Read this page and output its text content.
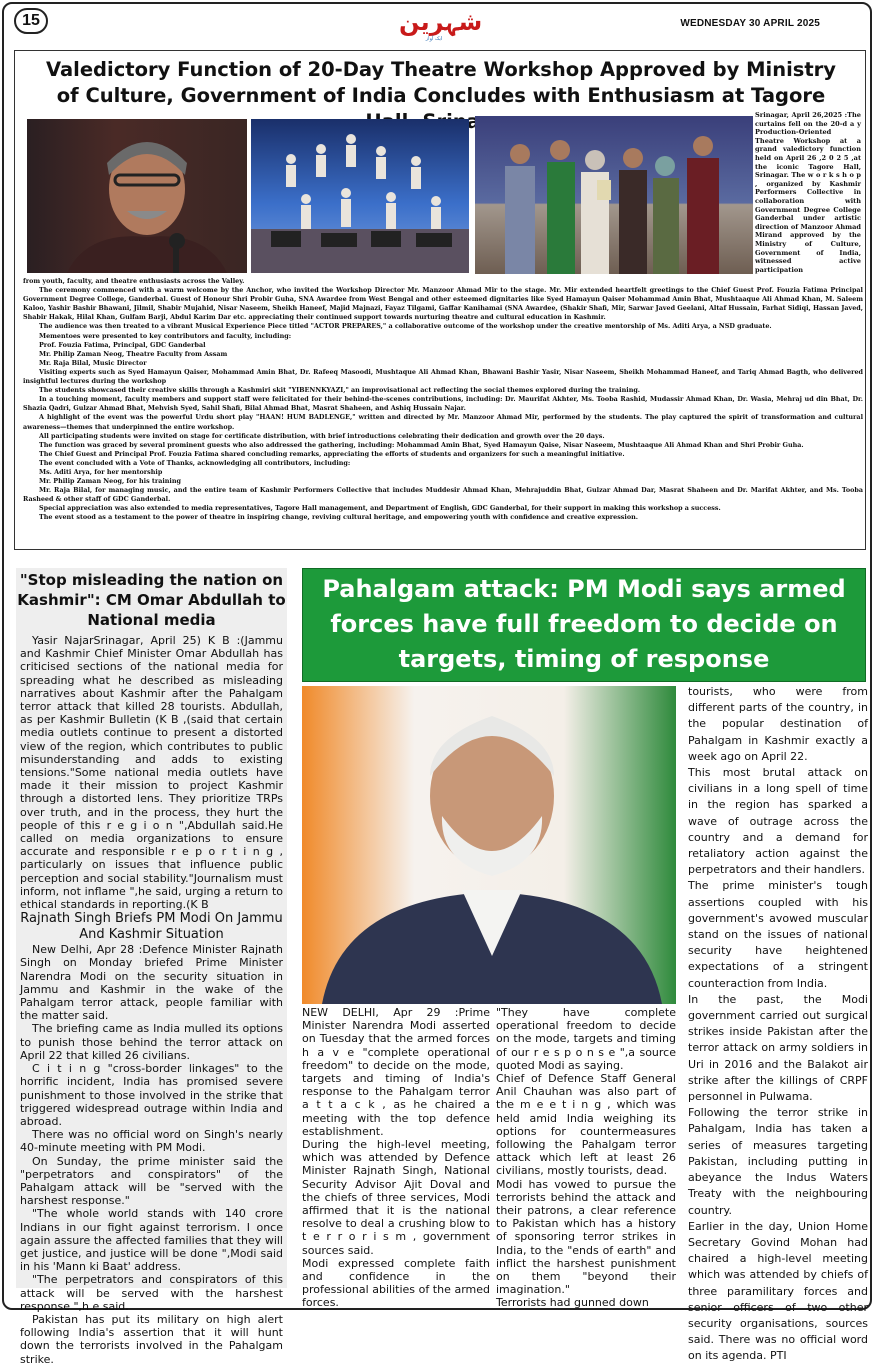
15	شہرین
ایک آواز
WEDNESDAY 30 APRIL 2025
Valedictory Function of 20-Day Theatre Workshop Approved by Ministry of Culture, Government of India Concludes with Enthusiasm at Tagore Srinagar	Srinagar, April 26,2025 :The curtains fell on the 20-d a y Production-Oriented Theatre Workshop at a grand valedictory function held on April 26 ,2 0 2 5 ,at the iconic Tagore Hall, Srinagar. The w o r k s h o p , organized by Kashmir Performers Collective in collaboration with Government Degree College Ganderbal under artistic direction of Manzoor Ahmad Mirand approved by the Ministry of Culture, Government of India, witnessed active participation

from youth, faculty, and theatre enthusiasts across the Valley.

The ceremony commenced with a warm welcome by the Anchor, who invited the Workshop Director Mr. Manzoor Ahmad Mir to the stage. Mr. Mir extended heartfelt greetings to the Chief Guest Prof. Fouzia Fatima Principal Government Degree College, Ganderbal. Guest of Honour Shri Probir Guha, SNA Awardee from West Bengal and other esteemed dignitaries like Syed Hamayun Qaiser Mohammad Amin Bhat, Mushtaaque Ali Ahmad Khan, M. Saleem Kaloo, Yashir Bashir Bhawani, Jilmil, Shabir Mujahid, Nisar Naseem, Sheikh Haneef, Majid Majnazi, Fayaz Tilgami, Gaffar Kanihamai (SNA Awardee, (Shakir Shafi, Mir, Sarwar Javed Geelani, Altaf Hussain, Farhat Sidiqi, Hassan Javed, Shabir Hakak, Hilal Khan, Gulfam Barji, Abdul Karim Dar etc. appreciating their continued support towards nurturing theatre and cultural education in Kashmir.

The audience was then treated to a vibrant Musical Experience Piece titled "ACTOR PREPARES," a collaborative outcome of the workshop under the creative mentorship of Ms. Aditi Arya, a NSD graduate.

Mementoes were presented to key contributors and faculty, including:

Prof. Fouzia Fatima, Principal, GDC Ganderbal

Mr. Philip Zaman Neog, Theatre Faculty from Assam

Mr. Raja Bilal, Music Director

Visiting experts such as Syed Hamayun Qaiser, Mohammad Amin Bhat, Dr. Rafeeq Masoodi, Mushtaque Ali Ahmad Khan, Bhawani Bashir Yasir, Nisar Naseem, Sheikh Mohammad Haneef, and Tariq Ahmad Bagth, who delivered insightful lectures during the workshop

The students showcased their creative skills through a Kashmiri skit "YIBENNKYAZI," an improvisational act reflecting the social themes explored during the training.

In a touching moment, faculty members and support staff were felicitated for their behind-the-scenes contributions, including: Dr. Maurifat Akhter, Ms. Tooba Rashid, Mudassir Ahmad Khan, Dr. Wasia, Mehraj ud din Bhat, Dr. Shazia Qadri, Gulzar Ahmad Bhat, Mehvish Syed, Sahil Shafi, Bilal Ahmad Bhat, Masrat Shaheen, and Ashiq Hussain Najar.

A highlight of the event was the powerful Urdu short play "HAAN! HUM BADLENGE," written and directed by Mr. Manzoor Ahmad Mir, performed by the students. The play captured the spirit of transformation and cultural awareness—themes that underpinned the entire workshop.

All participating students were invited on stage for certificate distribution, with brief introductions celebrating their dedication and growth over the 20 days.

The function was graced by several prominent guests who also addressed the gathering, including: Mohammad Amin Bhat, Syed Hamayun Qaise, Nisar Naseem, Mushtaaque Ali Ahmad Khan and Shri Probir Guha.

The Chief Guest and Principal Prof. Fouzia Fatima shared concluding remarks, appreciating the efforts of students and organizers for such a meaningful initiative.

The event concluded with a Vote of Thanks, acknowledging all contributors, including:

Ms. Aditi Arya, for her mentorship

Mr. Philip Zaman Neog, for his training

Mr. Raja Bilal, for managing music, and the entire team of Kashmir Performers Collective that includes Muddesir Ahmad Khan, Mehrajuddin Bhat, Gulzar Ahmad Dar, Masrat Shaheen and Dr. Marifat Akhter, and Ms. Tooba Rasheed & other staff of GDC Ganderbal.

Special appreciation was also extended to media representatives, Tagore Hall management, and Department of English, GDC Ganderbal, for their support in making this workshop a success.

The event stood as a testament to the power of theatre in inspiring change, reviving cultural heritage, and empowering youth with confidence and creative expression.

"Stop misleading the nation on Kashmir": CM Omar Abdullah to National media

Yasir NajarSrinagar, April 25) K B :(Jammu and Kashmir Chief Minister Omar Abdullah has criticised sections of the national media for spreading what he described as misleading narratives about Kashmir after the Pahalgam terror attack that killed 28 tourists. Abdullah, as per Kashmir Bulletin (K B ,(said that certain media outlets continue to present a distorted view of the region, which contributes to public misunderstanding and adds to existing tensions."Some national media outlets have made it their mission to project Kashmir through a distorted lens. They prioritize TRPs over truth, and in the process, they hurt the people of this r e g i o n ",Abdullah said.He called on media organizations to ensure accurate and responsible r e p o r t i n g , particularly on issues that influence public perception and social stability."Journalism must inform, not inflame ",he said, urging a return to ethical standards in reporting.(K B

Rajnath Singh Briefs PM Modi On Jammu And Kashmir Situation

New Delhi, Apr 28 :Defence Minister Rajnath Singh on Monday briefed Prime Minister Narendra Modi on the security situation in Jammu and Kashmir in the wake of the Pahalgam terror attack, people familiar with the matter said.

The briefing came as India mulled its options to punish those behind the terror attack on April 22 that killed 26 civilians.

C i t i n g "cross-border linkages" to the horrific incident, India has promised severe punishment to those involved in the strike that triggered widespread outrage within India and abroad.

There was no official word on Singh's nearly 40-minute meeting with PM Modi.

On Sunday, the prime minister said the "perpetrators and conspirators" of the Pahalgam attack will be "served with the harshest response."

"The whole world stands with 140 crore Indians in our fight against terrorism. I once again assure the affected families that they will get justice, and justice will be done ",Modi said in his 'Mann ki Baat' address.

"The perpetrators and conspirators of this attack will be served with the harshest response ",h e said.

Pakistan has put its military on high alert following India's assertion that it will hunt down the terrorists involved in the Pahalgam strike.

Pahalgam attack: PM Modi says armed forces have full freedom to decide on targets, timing of response

NEW DELHI, Apr 29 :Prime Minister Narendra Modi asserted on Tuesday that the armed forces h a v e "complete operational freedom" to decide on the mode, targets and timing of India's response to the Pahalgam terror a t t a c k , as he chaired a meeting with the top defence establishment.

During the high-level meeting, which was attended by Defence Minister Rajnath Singh, National Security Advisor Ajit Doval and the chiefs of three services, Modi affirmed that it is the national resolve to deal a crushing blow to t e r r o r i s m , government sources said.

Modi expressed complete faith and confidence in the professional abilities of the armed forces.

"They have complete operational freedom to decide on the mode, targets and timing of our r e s p o n s e ",a source quoted Modi as saying.

Chief of Defence Staff General Anil Chauhan was also part of the m e e t i n g , which was held amid India weighing its options for countermeasures following the Pahalgam terror attack which left at least 26 civilians, mostly tourists, dead.

Modi has vowed to pursue the terrorists behind the attack and their patrons, a clear reference to Pakistan which has a history of sponsoring terror strikes in India, to the "ends of earth" and inflict the harshest punishment on them "beyond their imagination."

Terrorists had gunned down

tourists, who were from different parts of the country, in the popular destination of Pahalgam in Kashmir exactly a week ago on April 22.

This most brutal attack on civilians in a long spell of time in the region has sparked a wave of outrage across the country and a demand for retaliatory action against the perpetrators and their handlers.

The prime minister's tough assertions coupled with his government's avowed muscular stand on the issues of national security have heightened expectations of a stringent counteraction from India.

In the past, the Modi government carried out surgical strikes inside Pakistan after the terror attack on army soldiers in Uri in 2016 and the Balakot air strike after the killings of CRPF personnel in Pulwama.

Following the terror strike in Pahalgam, India has taken a series of measures targeting Pakistan, including putting in abeyance the Indus Waters Treaty with the neighbouring country.

Earlier in the day, Union Home Secretary Govind Mohan had chaired a high-level meeting which was attended by chiefs of three paramilitary forces and senior officers of two other security organisations, sources said. There was no official word on its agenda. PTI
